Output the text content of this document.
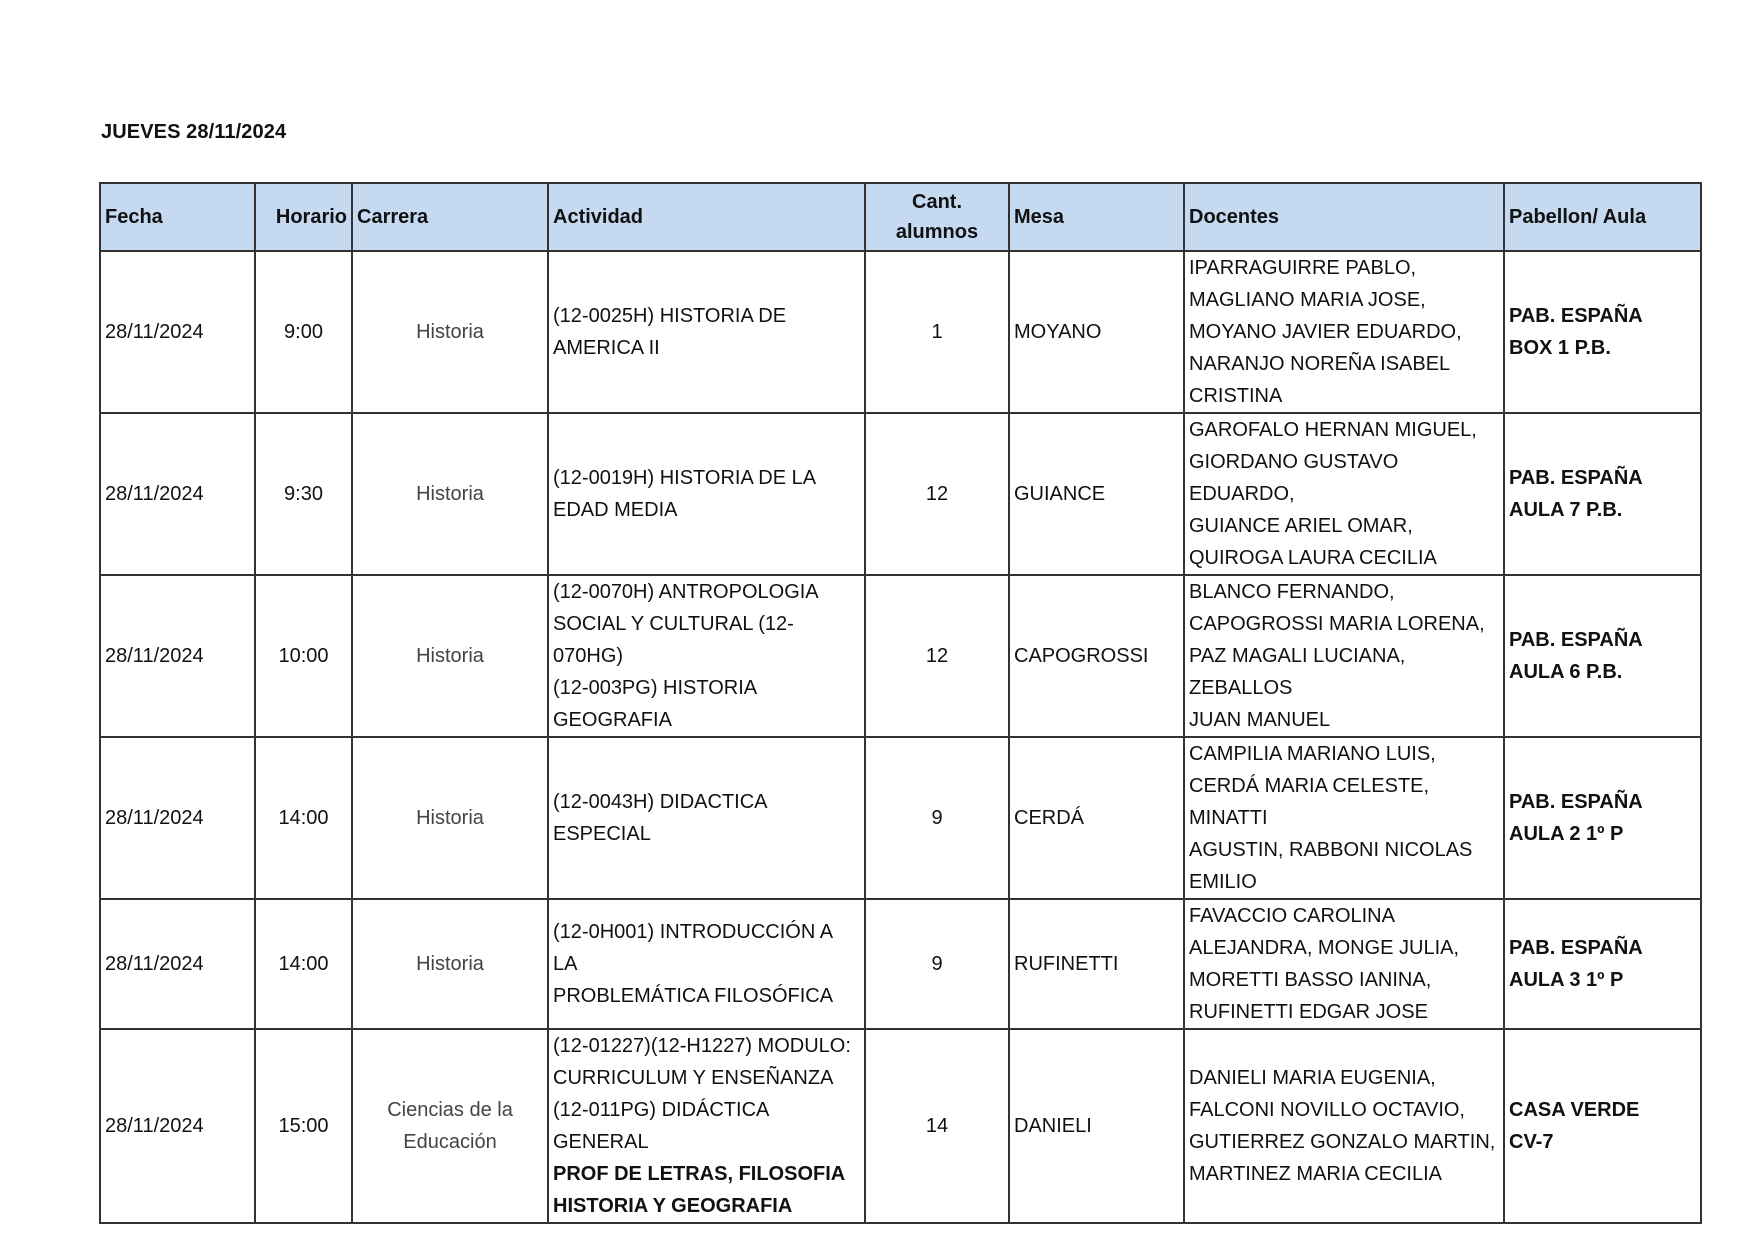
JUEVES 28/11/2024
Fecha	Horario	Carrera	Actividad	Cant.
alumnos	Mesa	Docentes	Pabellon/ Aula
28/11/2024	9:00	Historia	(12-0025H) HISTORIA DE
AMERICA II	1	MOYANO	IPARRAGUIRRE PABLO,
MAGLIANO MARIA JOSE,
MOYANO JAVIER EDUARDO,
NARANJO NOREÑA ISABEL
CRISTINA	PAB. ESPAÑA
BOX 1 P.B.

28/11/2024	9:30	Historia	(12-0019H) HISTORIA DE LA
EDAD MEDIA	12	GUIANCE	GAROFALO HERNAN MIGUEL,
GIORDANO GUSTAVO EDUARDO,
GUIANCE ARIEL OMAR,
QUIROGA LAURA CECILIA	PAB. ESPAÑA
AULA 7 P.B.

28/11/2024	10:00	Historia	(12-0070H) ANTROPOLOGIA
SOCIAL Y CULTURAL (12-070HG)
(12-003PG) HISTORIA
GEOGRAFIA	12	CAPOGROSSI	BLANCO FERNANDO,
CAPOGROSSI MARIA LORENA,
PAZ MAGALI LUCIANA, ZEBALLOS
JUAN MANUEL	PAB. ESPAÑA
AULA 6 P.B.

28/11/2024	14:00	Historia	(12-0043H) DIDACTICA ESPECIAL	9	CERDÁ	CAMPILIA MARIANO LUIS,
CERDÁ MARIA CELESTE, MINATTI
AGUSTIN, RABBONI NICOLAS
EMILIO	PAB. ESPAÑA
AULA 2 1º P

28/11/2024	14:00	Historia	(12-0H001) INTRODUCCIÓN A LA
PROBLEMÁTICA FILOSÓFICA	9	RUFINETTI	FAVACCIO CAROLINA
ALEJANDRA, MONGE JULIA,
MORETTI BASSO IANINA,
RUFINETTI EDGAR JOSE	PAB. ESPAÑA
AULA 3 1º P

28/11/2024	15:00	Ciencias de la
Educación	(12-01227)(12-H1227) MODULO:
CURRICULUM Y ENSEÑANZA
(12-011PG) DIDÁCTICA GENERAL
PROF DE LETRAS, FILOSOFIA
HISTORIA Y GEOGRAFIA	14	DANIELI	DANIELI MARIA EUGENIA,
FALCONI NOVILLO OCTAVIO,
GUTIERREZ GONZALO MARTIN,
MARTINEZ MARIA CECILIA	CASA VERDE
CV-7
